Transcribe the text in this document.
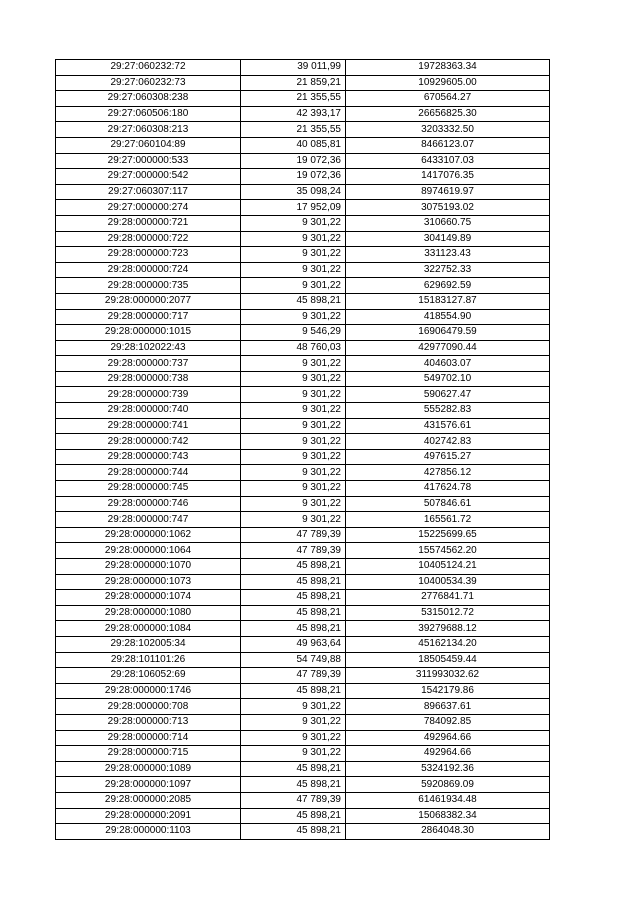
29:27:060232:72	39 011,99	19728363.34
29:27:060232:73	21 859,21	10929605.00
29:27:060308:238	21 355,55	670564.27
29:27:060506:180	42 393,17	26656825.30
29:27:060308:213	21 355,55	3203332.50
29:27:060104:89	40 085,81	8466123.07
29:27:000000:533	19 072,36	6433107.03
29:27:000000:542	19 072,36	1417076.35
29:27:060307:117	35 098,24	8974619.97
29:27:000000:274	17 952,09	3075193.02
29:28:000000:721	9 301,22	310660.75
29:28:000000:722	9 301,22	304149.89
29:28:000000:723	9 301,22	331123.43
29:28:000000:724	9 301,22	322752.33
29:28:000000:735	9 301,22	629692.59
29:28:000000:2077	45 898,21	15183127.87
29:28:000000:717	9 301,22	418554.90
29:28:000000:1015	9 546,29	16906479.59
29:28:102022:43	48 760,03	42977090.44
29:28:000000:737	9 301,22	404603.07
29:28:000000:738	9 301,22	549702.10
29:28:000000:739	9 301,22	590627.47
29:28:000000:740	9 301,22	555282.83
29:28:000000:741	9 301,22	431576.61
29:28:000000:742	9 301,22	402742.83
29:28:000000:743	9 301,22	497615.27
29:28:000000:744	9 301,22	427856.12
29:28:000000:745	9 301,22	417624.78
29:28:000000:746	9 301,22	507846.61
29:28:000000:747	9 301,22	165561.72
29:28:000000:1062	47 789,39	15225699.65
29:28:000000:1064	47 789,39	15574562.20
29:28:000000:1070	45 898,21	10405124.21
29:28:000000:1073	45 898,21	10400534.39
29:28:000000:1074	45 898,21	2776841.71
29:28:000000:1080	45 898,21	5315012.72
29:28:000000:1084	45 898,21	39279688.12
29:28:102005:34	49 963,64	45162134.20
29:28:101101:26	54 749,88	18505459.44
29:28:106052:69	47 789,39	311993032.62
29:28:000000:1746	45 898,21	1542179.86
29:28:000000:708	9 301,22	896637.61
29:28:000000:713	9 301,22	784092.85
29:28:000000:714	9 301,22	492964.66
29:28:000000:715	9 301,22	492964.66
29:28:000000:1089	45 898,21	5324192.36
29:28:000000:1097	45 898,21	5920869.09
29:28:000000:2085	47 789,39	61461934.48
29:28:000000:2091	45 898,21	15068382.34
29:28:000000:1103	45 898,21	2864048.30
